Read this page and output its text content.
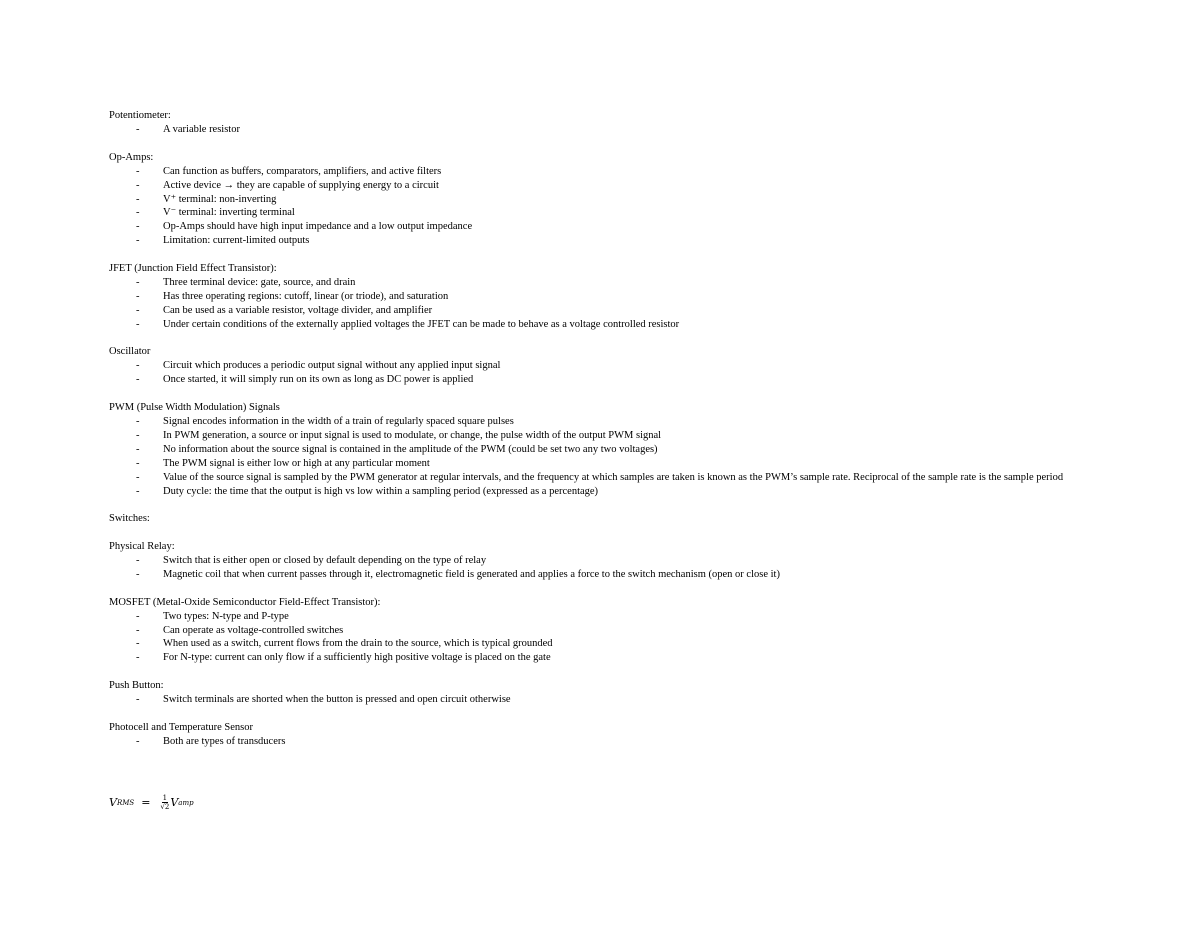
Potentiometer:
- A variable resistor
Op-Amps:
- Can function as buffers, comparators, amplifiers, and active filters
- Active device → they are capable of supplying energy to a circuit
- V⁺ terminal: non-inverting
- V⁻ terminal: inverting terminal
- Op-Amps should have high input impedance and a low output impedance
- Limitation: current-limited outputs
JFET (Junction Field Effect Transistor):
- Three terminal device: gate, source, and drain
- Has three operating regions: cutoff, linear (or triode), and saturation
- Can be used as a variable resistor, voltage divider, and amplifier
- Under certain conditions of the externally applied voltages the JFET can be made to behave as a voltage controlled resistor
Oscillator
- Circuit which produces a periodic output signal without any applied input signal
- Once started, it will simply run on its own as long as DC power is applied
PWM (Pulse Width Modulation) Signals
- Signal encodes information in the width of a train of regularly spaced square pulses
- In PWM generation, a source or input signal is used to modulate, or change, the pulse width of the output PWM signal
- No information about the source signal is contained in the amplitude of the PWM (could be set two any two voltages)
- The PWM signal is either low or high at any particular moment
- Value of the source signal is sampled by the PWM generator at regular intervals, and the frequency at which samples are taken is known as the PWM’s sample rate. Reciprocal of the sample rate is the sample period
- Duty cycle: the time that the output is high vs low within a sampling period (expressed as a percentage)
Switches:
Physical Relay:
- Switch that is either open or closed by default depending on the type of relay
- Magnetic coil that when current passes through it, electromagnetic field is generated and applies a force to the switch mechanism (open or close it)
MOSFET (Metal-Oxide Semiconductor Field-Effect Transistor):
- Two types: N-type and P-type
- Can operate as voltage-controlled switches
- When used as a switch, current flows from the drain to the source, which is typical grounded
- For N-type: current can only flow if a sufficiently high positive voltage is placed on the gate
Push Button:
- Switch terminals are shorted when the button is pressed and open circuit otherwise
Photocell and Temperature Sensor
- Both are types of transducers
V RMS = $\frac{1}{√2}$ V amp
